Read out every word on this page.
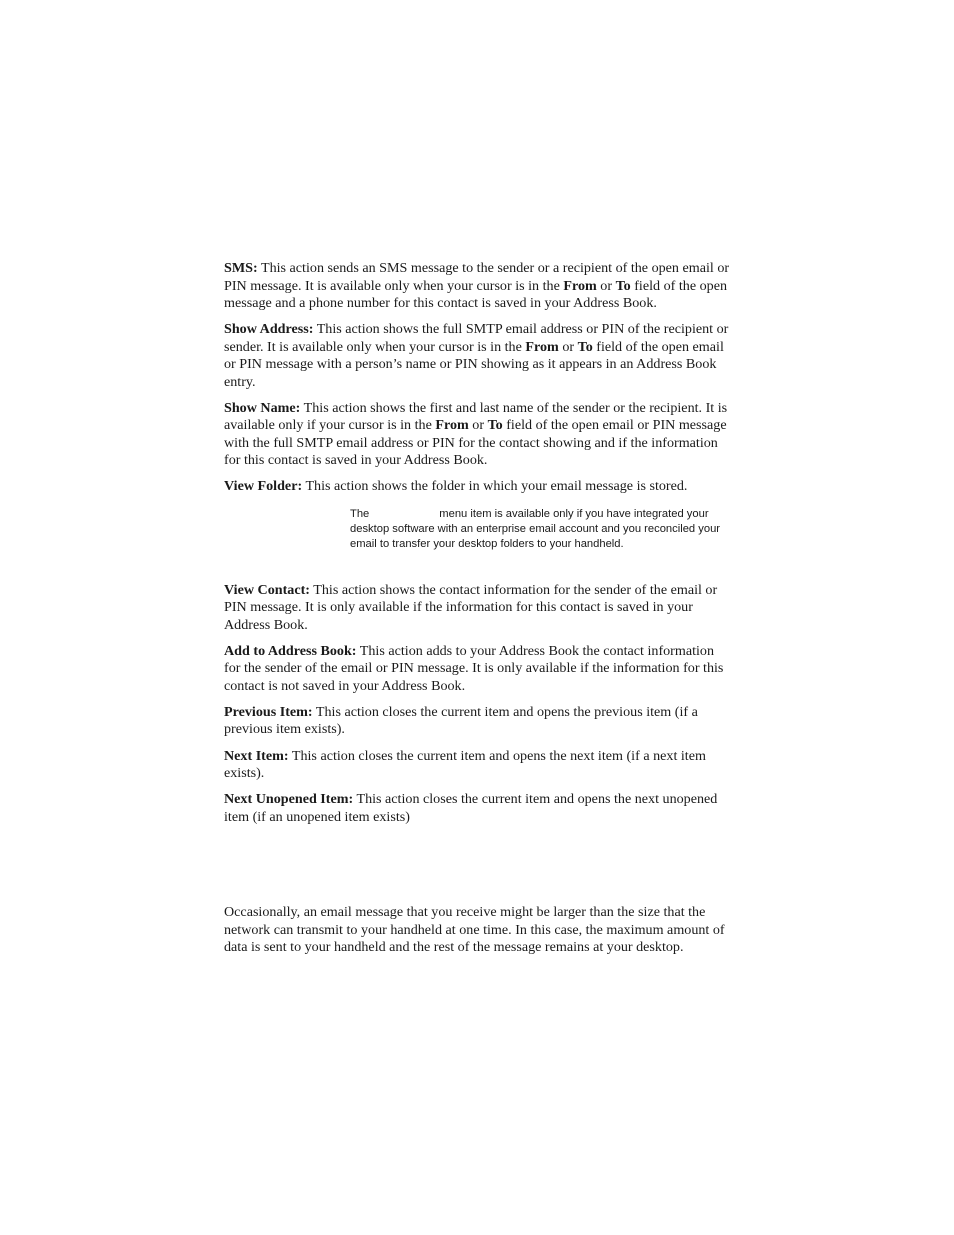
SMS: This action sends an SMS message to the sender or a recipient of the open email or PIN message. It is available only when your cursor is in the From or To field of the open message and a phone number for this contact is saved in your Address Book.

Show Address: This action shows the full SMTP email address or PIN of the recipient or sender. It is available only when your cursor is in the From or To field of the open email or PIN message with a person’s name or PIN showing as it appears in an Address Book entry.

Show Name: This action shows the first and last name of the sender or the recipient. It is available only if your cursor is in the From or To field of the open email or PIN message with the full SMTP email address or PIN for the contact showing and if the information for this contact is saved in your Address Book.

View Folder: This action shows the folder in which your email message is stored.

The	menu item is available only if you have integrated your desktop software with an enterprise email account and you reconciled your email to transfer your desktop folders to your handheld.

View Contact: This action shows the contact information for the sender of the email or PIN message. It is only available if the information for this contact is saved in your Address Book.

Add to Address Book: This action adds to your Address Book the contact information for the sender of the email or PIN message. It is only available if the information for this contact is not saved in your Address Book.

Previous Item: This action closes the current item and opens the previous item (if a previous item exists).

Next Item: This action closes the current item and opens the next item (if a next item exists).

Next Unopened Item: This action closes the current item and opens the next unopened item (if an unopened item exists)

Occasionally, an email message that you receive might be larger than the size that the network can transmit to your handheld at one time. In this case, the maximum amount of data is sent to your handheld and the rest of the message remains at your desktop.
